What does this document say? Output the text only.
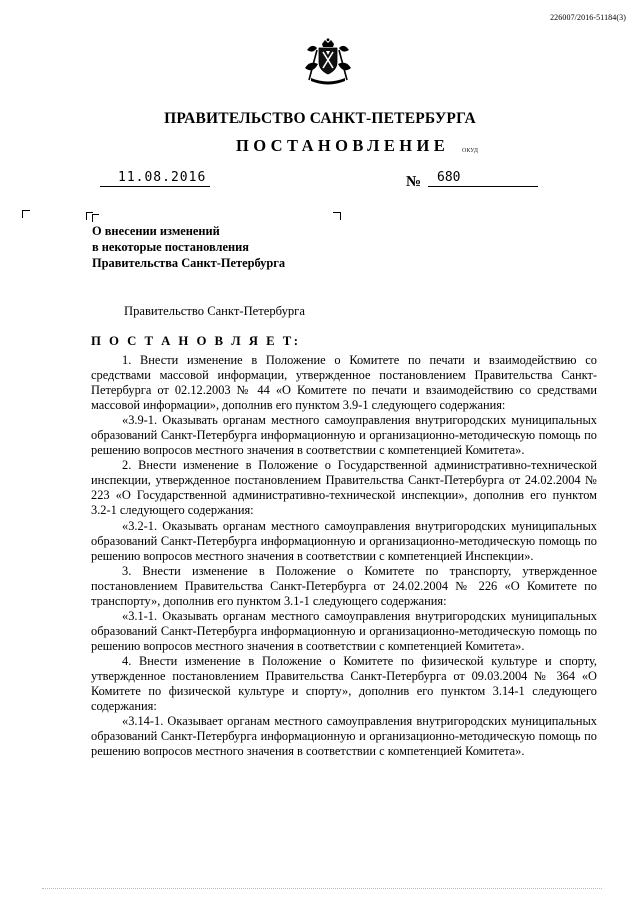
226007/2016-51184(3)
ПРАВИТЕЛЬСТВО САНКТ-ПЕТЕРБУРГА
ПОСТАНОВЛЕНИЕ ОКУД
11.08.2016	№ 680
О внесении изменений
в некоторые постановления
Правительства Санкт-Петербурга
Правительство Санкт-Петербурга
П О С Т А Н О В Л Я Е Т:
1. Внести изменение в Положение о Комитете по печати и взаимодействию со средствами массовой информации, утвержденное постановлением Правительства Санкт-Петербурга от 02.12.2003 № 44 «О Комитете по печати и взаимодействию со средствами массовой информации», дополнив его пунктом 3.9-1 следующего содержания:
«3.9-1. Оказывать органам местного самоуправления внутригородских муниципальных образований Санкт-Петербурга информационную и организационно-методическую помощь по решению вопросов местного значения в соответствии с компетенцией Комитета».
2. Внести изменение в Положение о Государственной административно-технической инспекции, утвержденное постановлением Правительства Санкт-Петербурга от 24.02.2004 № 223 «О Государственной административно-технической инспекции», дополнив его пунктом 3.2-1 следующего содержания:
«3.2-1. Оказывать органам местного самоуправления внутригородских муниципальных образований Санкт-Петербурга информационную и организационно-методическую помощь по решению вопросов местного значения в соответствии с компетенцией Инспекции».
3. Внести изменение в Положение о Комитете по транспорту, утвержденное постановлением Правительства Санкт-Петербурга от 24.02.2004 № 226 «О Комитете по транспорту», дополнив его пунктом 3.1-1 следующего содержания:
«3.1-1. Оказывать органам местного самоуправления внутригородских муниципальных образований Санкт-Петербурга информационную и организационно-методическую помощь по решению вопросов местного значения в соответствии с компетенцией Комитета».
4. Внести изменение в Положение о Комитете по физической культуре и спорту, утвержденное постановлением Правительства Санкт-Петербурга от 09.03.2004 № 364 «О Комитете по физической культуре и спорту», дополнив его пунктом 3.14-1 следующего содержания:
«3.14-1. Оказывает органам местного самоуправления внутригородских муниципальных образований Санкт-Петербурга информационную и организационно-методическую помощь по решению вопросов местного значения в соответствии с компетенцией Комитета».
